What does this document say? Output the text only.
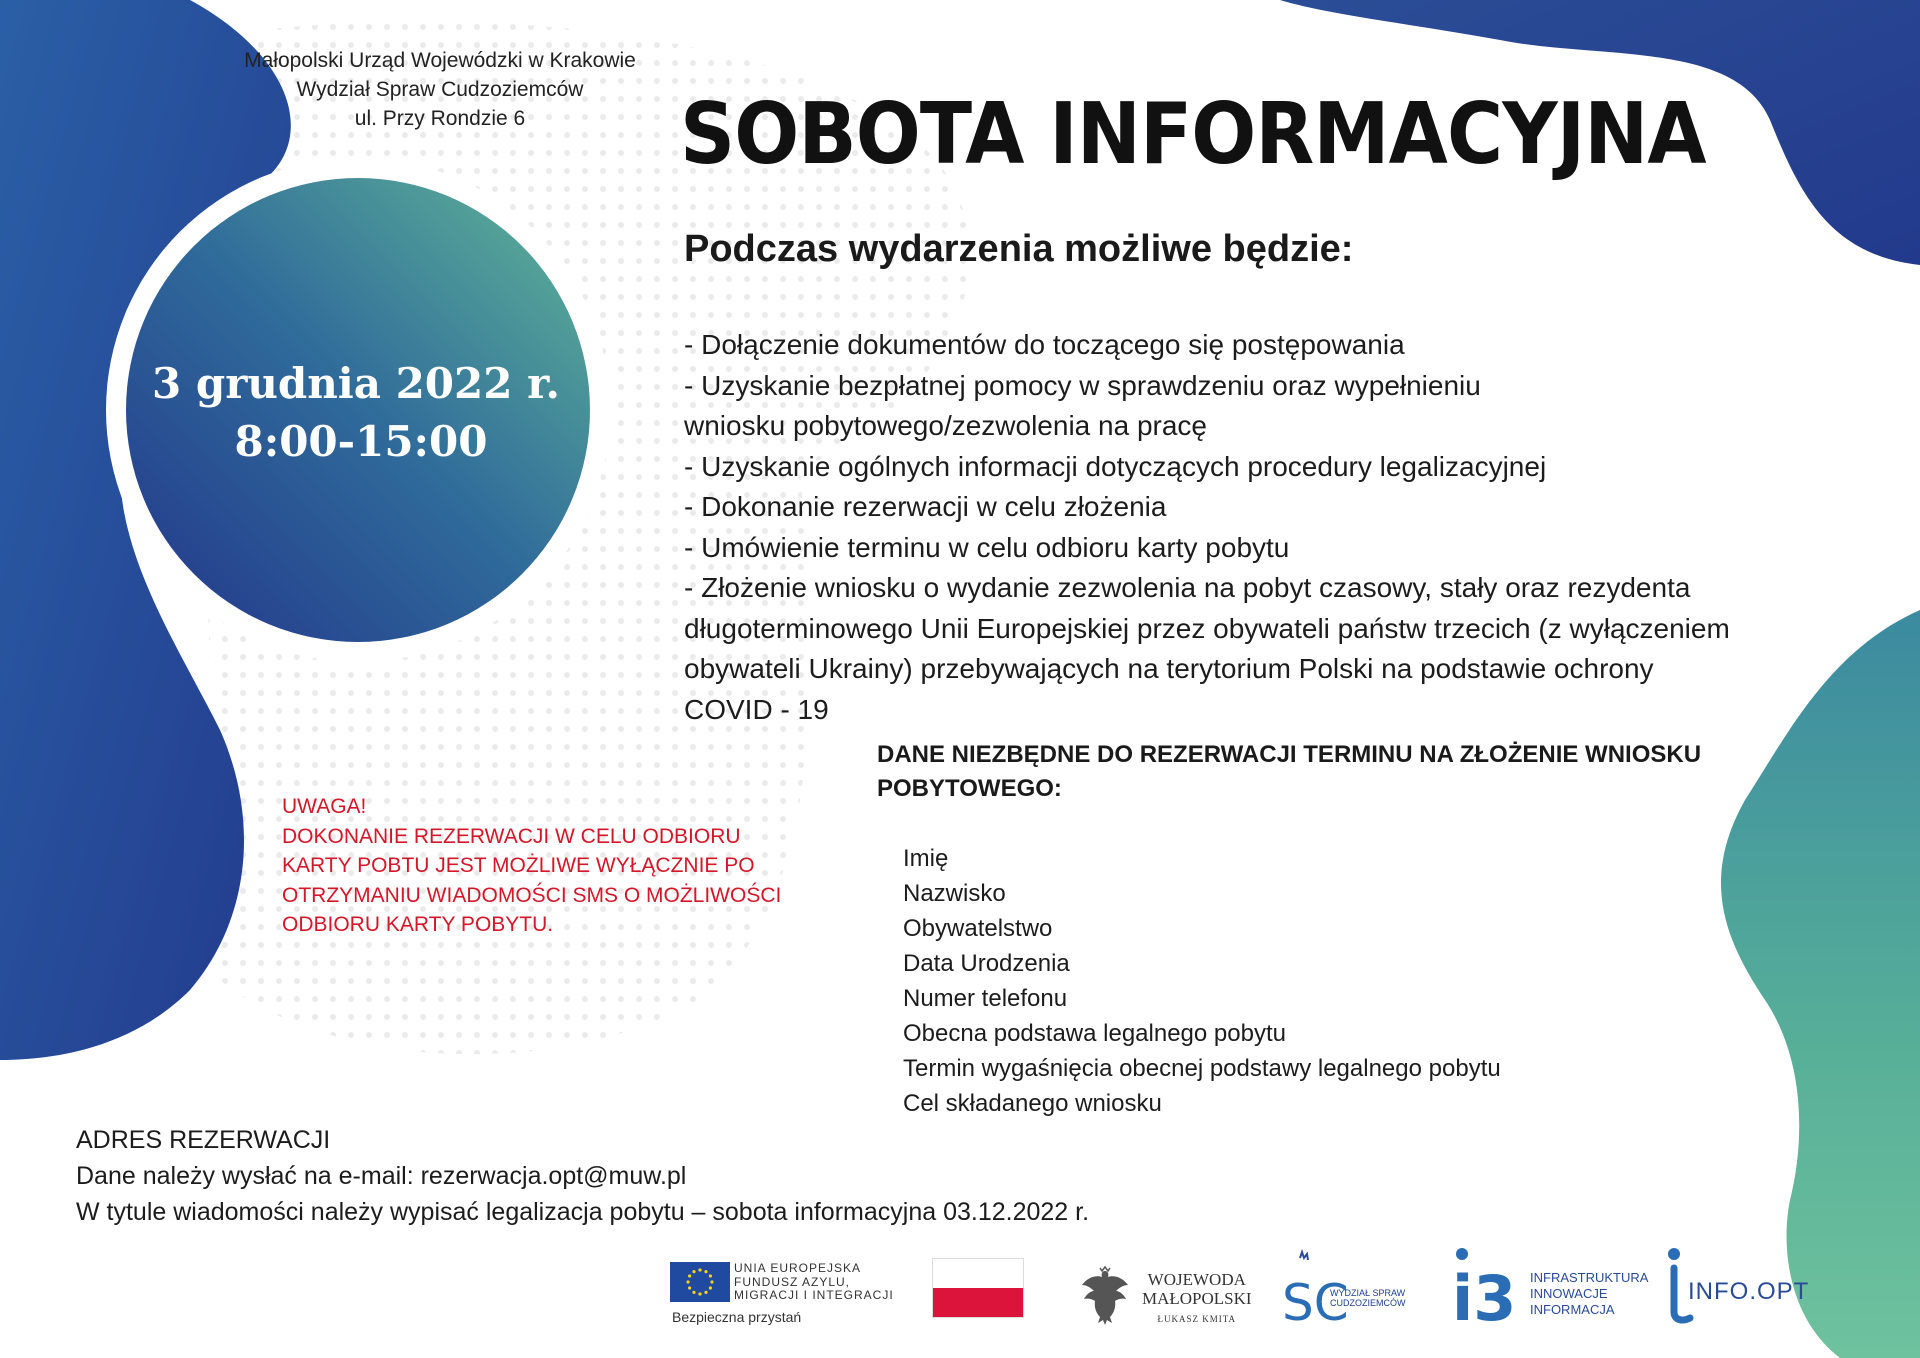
Małopolski Urząd Wojewódzki w Krakowie
Wydział Spraw Cudzoziemców
ul. Przy Rondzie 6	SOBOTA INFORMACYJNA
Podczas wydarzenia możliwe będzie:
3 grudnia 2022 r.
8:00-15:00
- Dołączenie dokumentów do toczącego się postępowania
- Uzyskanie bezpłatnej pomocy w sprawdzeniu oraz wypełnieniu
wniosku pobytowego/zezwolenia na pracę
- Uzyskanie ogólnych informacji dotyczących procedury legalizacyjnej
- Dokonanie rezerwacji w celu złożenia
- Umówienie terminu w celu odbioru karty pobytu
- Złożenie wniosku o wydanie zezwolenia na pobyt czasowy, stały oraz rezydenta
długoterminowego Unii Europejskiej przez obywateli państw trzecich (z wyłączeniem
obywateli Ukrainy) przebywających na terytorium Polski na podstawie ochrony
COVID - 19
DANE NIEZBĘDNE DO REZERWACJI TERMINU NA ZŁOŻENIE WNIOSKU
POBYTOWEGO:
Imię
Nazwisko
Obywatelstwo
Data Urodzenia
Numer telefonu
Obecna podstawa legalnego pobytu
Termin wygaśnięcia obecnej podstawy legalnego pobytu
Cel składanego wniosku
UWAGA!
DOKONANIE REZERWACJI W CELU ODBIORU
KARTY POBTU JEST MOŻLIWE WYŁĄCZNIE PO
OTRZYMANIU WIADOMOŚCI SMS O MOŻLIWOŚCI
ODBIORU KARTY POBYTU.
ADRES REZERWACJI
Dane należy wysłać na e-mail: rezerwacja.opt@muw.pl
W tytule wiadomości należy wypisać legalizacja pobytu – sobota informacyjna 03.12.2022 r.
UNIA EUROPEJSKA
FUNDUSZ AZYLU,
MIGRACJI I INTEGRACJI
Bezpieczna przystań
WOJEWODA
MAŁOPOLSKI
ŁUKASZ KMITA SC
WYDZIAŁ SPRAW
CUDZOZIEMCÓW i3 INFRASTRUKTURA
INNOWACJE
INFORMACJA
INFO.OPT
